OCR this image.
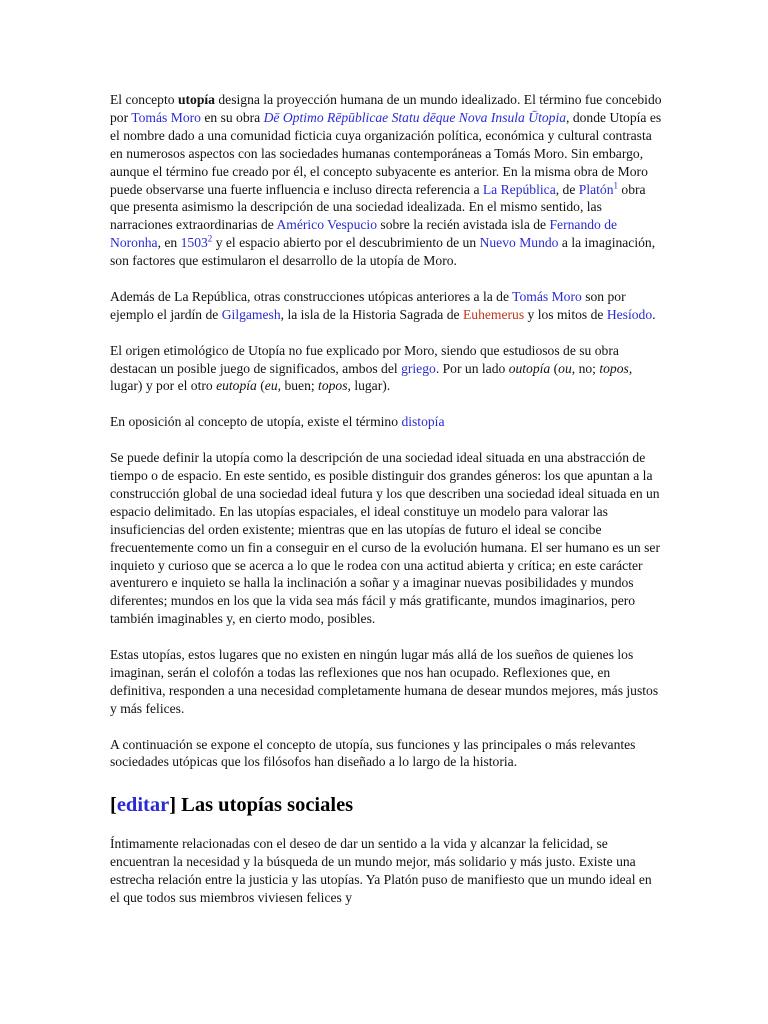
El concepto utopía designa la proyección humana de un mundo idealizado. El término fue concebido por Tomás Moro en su obra Dē Optimo Rēpūblicae Statu dēque Nova Insula Ūtopia, donde Utopía es el nombre dado a una comunidad ficticia cuya organización política, económica y cultural contrasta en numerosos aspectos con las sociedades humanas contemporáneas a Tomás Moro. Sin embargo, aunque el término fue creado por él, el concepto subyacente es anterior. En la misma obra de Moro puede observarse una fuerte influencia e incluso directa referencia a La República, de Platón$^1$ obra que presenta asimismo la descripción de una sociedad idealizada. En el mismo sentido, las narraciones extraordinarias de Américo Vespucio sobre la recién avistada isla de Fernando de Noronha, en 1503$^2$ y el espacio abierto por el descubrimiento de un Nuevo Mundo a la imaginación, son factores que estimularon el desarrollo de la utopía de Moro.

Además de La República, otras construcciones utópicas anteriores a la de Tomás Moro son por ejemplo el jardín de Gilgamesh, la isla de la Historia Sagrada de Euhemerus y los mitos de Hesíodo.

El origen etimológico de Utopía no fue explicado por Moro, siendo que estudiosos de su obra destacan un posible juego de significados, ambos del griego. Por un lado outopía (ou, no; topos, lugar) y por el otro eutopía (eu, buen; topos, lugar).

En oposición al concepto de utopía, existe el término distopía

Se puede definir la utopía como la descripción de una sociedad ideal situada en una abstracción de tiempo o de espacio. En este sentido, es posible distinguir dos grandes géneros: los que apuntan a la construcción global de una sociedad ideal futura y los que describen una sociedad ideal situada en un espacio delimitado. En las utopías espaciales, el ideal constituye un modelo para valorar las insuficiencias del orden existente; mientras que en las utopías de futuro el ideal se concibe frecuentemente como un fin a conseguir en el curso de la evolución humana. El ser humano es un ser inquieto y curioso que se acerca a lo que le rodea con una actitud abierta y crítica; en este carácter aventurero e inquieto se halla la inclinación a soñar y a imaginar nuevas posibilidades y mundos diferentes; mundos en los que la vida sea más fácil y más gratificante, mundos imaginarios, pero también imaginables y, en cierto modo, posibles.

Estas utopías, estos lugares que no existen en ningún lugar más allá de los sueños de quienes los imaginan, serán el colofón a todas las reflexiones que nos han ocupado. Reflexiones que, en definitiva, responden a una necesidad completamente humana de desear mundos mejores, más justos y más felices.

A continuación se expone el concepto de utopía, sus funciones y las principales o más relevantes sociedades utópicas que los filósofos han diseñado a lo largo de la historia.

[editar] Las utopías sociales

Íntimamente relacionadas con el deseo de dar un sentido a la vida y alcanzar la felicidad, se encuentran la necesidad y la búsqueda de un mundo mejor, más solidario y más justo. Existe una estrecha relación entre la justicia y las utopías. Ya Platón puso de manifiesto que un mundo ideal en el que todos sus miembros viviesen felices y
